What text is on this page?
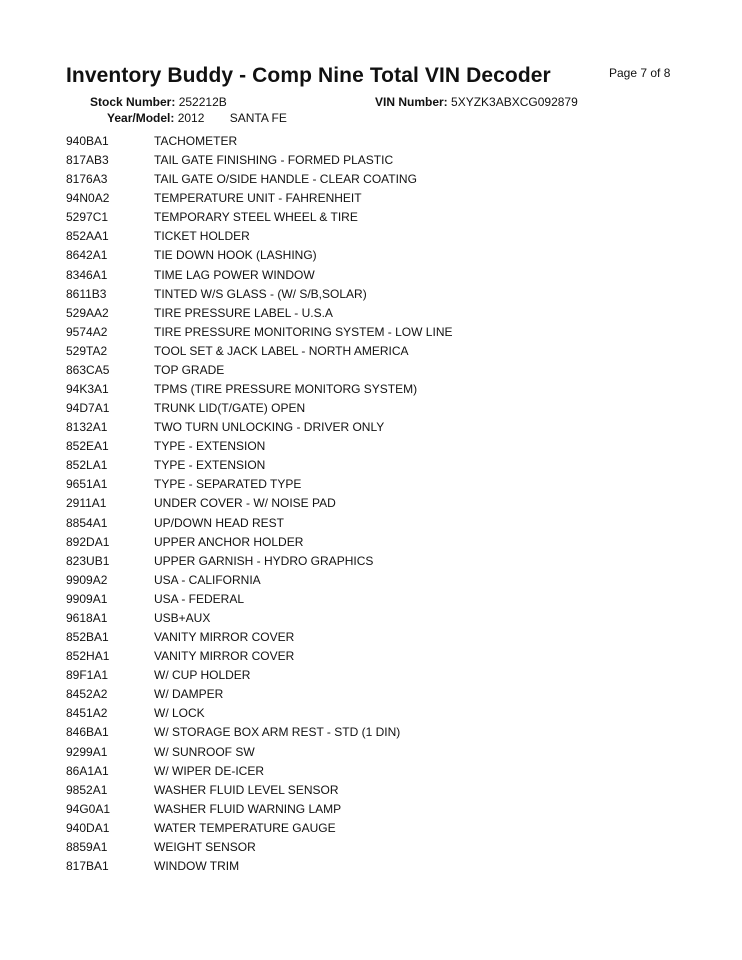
Inventory Buddy - Comp Nine Total VIN Decoder	Page 7 of 8
Stock Number: 252212B	VIN Number: 5XYZK3ABXCG092879
Year/Model: 2012 SANTA FE
940BA1	TACHOMETER
817AB3	TAIL GATE FINISHING - FORMED PLASTIC
8176A3	TAIL GATE O/SIDE HANDLE - CLEAR COATING
94N0A2	TEMPERATURE UNIT - FAHRENHEIT
5297C1	TEMPORARY STEEL WHEEL & TIRE
852AA1	TICKET HOLDER
8642A1	TIE DOWN HOOK (LASHING)
8346A1	TIME LAG POWER WINDOW
8611B3	TINTED W/S GLASS - (W/ S/B,SOLAR)
529AA2	TIRE PRESSURE LABEL - U.S.A
9574A2	TIRE PRESSURE MONITORING SYSTEM - LOW LINE
529TA2	TOOL SET & JACK LABEL - NORTH AMERICA
863CA5	TOP GRADE
94K3A1	TPMS (TIRE PRESSURE MONITORG SYSTEM)
94D7A1	TRUNK LID(T/GATE) OPEN
8132A1	TWO TURN UNLOCKING - DRIVER ONLY
852EA1	TYPE - EXTENSION
852LA1	TYPE - EXTENSION
9651A1	TYPE - SEPARATED TYPE
2911A1	UNDER COVER - W/ NOISE PAD
8854A1	UP/DOWN HEAD REST
892DA1	UPPER ANCHOR HOLDER
823UB1	UPPER GARNISH - HYDRO GRAPHICS
9909A2	USA - CALIFORNIA
9909A1	USA - FEDERAL
9618A1	USB+AUX
852BA1	VANITY MIRROR COVER
852HA1	VANITY MIRROR COVER
89F1A1	W/ CUP HOLDER
8452A2	W/ DAMPER
8451A2	W/ LOCK
846BA1	W/ STORAGE BOX ARM REST - STD (1 DIN)
9299A1	W/ SUNROOF SW
86A1A1	W/ WIPER DE-ICER
9852A1	WASHER FLUID LEVEL SENSOR
94G0A1	WASHER FLUID WARNING LAMP
940DA1	WATER TEMPERATURE GAUGE
8859A1	WEIGHT SENSOR
817BA1	WINDOW TRIM
